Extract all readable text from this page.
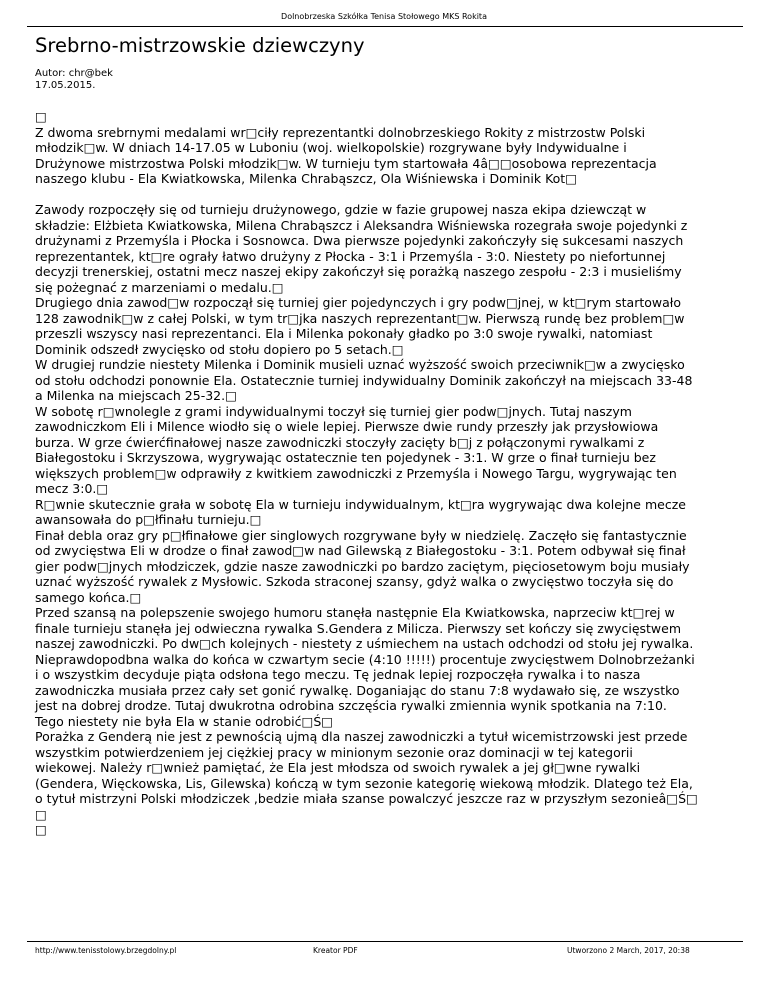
Dolnobrzeska Szkółka Tenisa Stołowego MKS Rokita
Srebrno-mistrzowskie dziewczyny
Autor: chr@bek
17.05.2015.
□
Z dwoma srebrnymi medalami wr□ciły reprezentantki dolnobrzeskiego Rokity z mistrzostw Polski
młodzik□w. W dniach 14-17.05 w Luboniu (woj. wielkopolskie) rozgrywane były Indywidualne i
Drużynowe mistrzostwa Polski młodzik□w. W turnieju tym startowała 4â□□osobowa reprezentacja
naszego klubu - Ela Kwiatkowska, Milenka Chrabąszcz, Ola Wiśniewska i Dominik Kot□
Zawody rozpoczęły się od turnieju drużynowego, gdzie w fazie grupowej nasza ekipa dziewcząt w
składzie: Elżbieta Kwiatkowska, Milena Chrabąszcz i Aleksandra Wiśniewska rozegrała swoje pojedynki z
drużynami z Przemyśla i Płocka i Sosnowca. Dwa pierwsze pojedynki zakończyły się sukcesami naszych
reprezentantek, kt□re ograły łatwo drużyny z Płocka - 3:1 i Przemyśla - 3:0. Niestety po niefortunnej
decyzji trenerskiej, ostatni mecz naszej ekipy zakończył się porażką naszego zespołu - 2:3 i musieliśmy
się pożegnać z marzeniami o medalu.□
Drugiego dnia zawod□w rozpoczął się turniej gier pojedynczych i gry podw□jnej, w kt□rym startowało
128 zawodnik□w z całej Polski, w tym tr□jka naszych reprezentant□w. Pierwszą rundę bez problem□w
przeszli wszyscy nasi reprezentanci. Ela i Milenka pokonały gładko po 3:0 swoje rywalki, natomiast
Dominik odszedł zwycięsko od stołu dopiero po 5 setach.□
W drugiej rundzie niestety Milenka i Dominik musieli uznać wyższość swoich przeciwnik□w a zwycięsko
od stołu odchodzi ponownie Ela. Ostatecznie turniej indywidualny Dominik zakończył na miejscach 33-48
a Milenka na miejscach 25-32.□
W sobotę r□wnolegle z grami indywidualnymi toczył się turniej gier podw□jnych. Tutaj naszym
zawodniczkom Eli i Milence wiodło się o wiele lepiej. Pierwsze dwie rundy przeszły jak przysłowiowa
burza. W grze ćwierćfinałowej nasze zawodniczki stoczyły zacięty b□j z połączonymi rywalkami z
Białegostoku i Skrzyszowa, wygrywając ostatecznie ten pojedynek - 3:1. W grze o finał turnieju bez
większych problem□w odprawiły z kwitkiem zawodniczki z Przemyśla i Nowego Targu, wygrywając ten
mecz 3:0.□
R□wnie skutecznie grała w sobotę Ela w turnieju indywidualnym, kt□ra wygrywając dwa kolejne mecze
awansowała do p□łfinału turnieju.□
Finał debla oraz gry p□łfinałowe gier singlowych rozgrywane były w niedzielę. Zaczęło się fantastycznie
od zwycięstwa Eli w drodze o finał zawod□w nad Gilewską z Białegostoku - 3:1. Potem odbywał się finał
gier podw□jnych młodziczek, gdzie nasze zawodniczki po bardzo zaciętym, pięciosetowym boju musiały
uznać wyższość rywalek z Mysłowic. Szkoda straconej szansy, gdyż walka o zwycięstwo toczyła się do
samego końca.□
Przed szansą na polepszenie swojego humoru stanęła następnie Ela Kwiatkowska, naprzeciw kt□rej w
finale turnieju stanęła jej odwieczna rywalka S.Gendera z Milicza. Pierwszy set kończy się zwycięstwem
naszej zawodniczki. Po dw□ch kolejnych - niestety z uśmiechem na ustach odchodzi od stołu jej rywalka.
Nieprawdopodbna walka do końca w czwartym secie (4:10 !!!!!) procentuje zwycięstwem Dolnobrzeżanki
i o wszystkim decyduje piąta odsłona tego meczu. Tę jednak lepiej rozpoczęła rywalka i to nasza
zawodniczka musiała przez cały set gonić rywalkę. Doganiając do stanu 7:8 wydawało się, ze wszystko
jest na dobrej drodze. Tutaj dwukrotna odrobina szczęścia rywalki zmiennia wynik spotkania na 7:10.
Tego niestety nie była Ela w stanie odrobić□Ś□
Porażka z Genderą nie jest z pewnością ujmą dla naszej zawodniczki a tytuł wicemistrzowski jest przede
wszystkim potwierdzeniem jej ciężkiej pracy w minionym sezonie oraz dominacji w tej kategorii
wiekowej. Należy r□wnież pamiętać, że Ela jest młodsza od swoich rywalek a jej gł□wne rywalki
(Gendera, Więckowska, Lis, Gilewska) kończą w tym sezonie kategorię wiekową młodzik. Dlatego też Ela,
o tytuł mistrzyni Polski młodziczek ,bedzie miała szanse powalczyć jeszcze raz w przyszłym sezonieâ□Ś□
□
□
http://www.tenisstolowy.brzegdolny.pl	Kreator PDF	Utworzono 2 March, 2017, 20:38
